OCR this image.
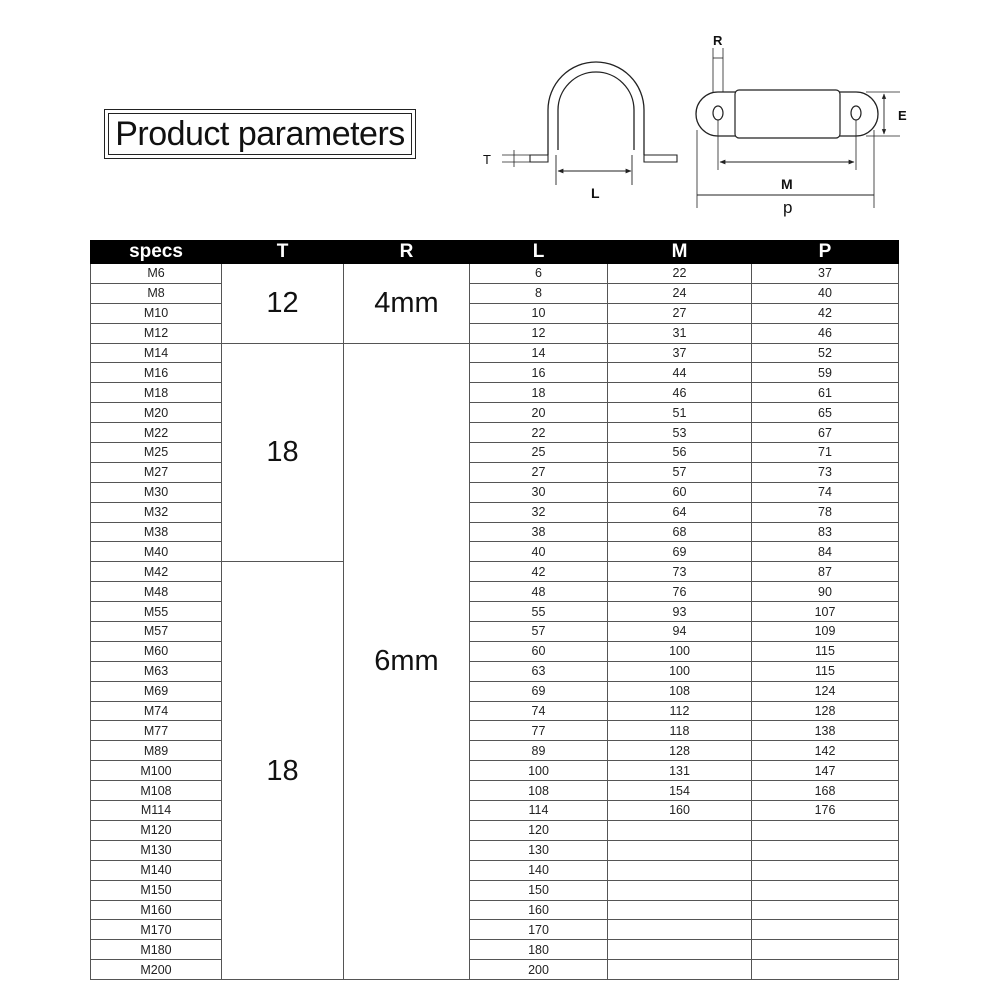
Product parameters
T
L
R
E
M
p
specs	T	R	L	M	P
M6	12	4mm	6	22	37
M8			8	24	40
M10			10	27	42
M12			12	31	46
M14	18	6mm	14	37	52
M16			16	44	59
M18			18	46	61
M20			20	51	65
M22			22	53	67
M25			25	56	71
M27			27	57	73
M30			30	60	74
M32			32	64	78
M38			38	68	83
M40			40	69	84
M42	18		42	73	87
M48			48	76	90
M55			55	93	107
M57			57	94	109
M60			60	100	115
M63			63	100	115
M69			69	108	124
M74			74	112	128
M77			77	118	138
M89			89	128	142
M100			100	131	147
M108			108	154	168
M114			114	160	176
M120			120		
M130			130		
M140			140		
M150			150		
M160			160		
M170			170		
M180			180		
M200			200		
